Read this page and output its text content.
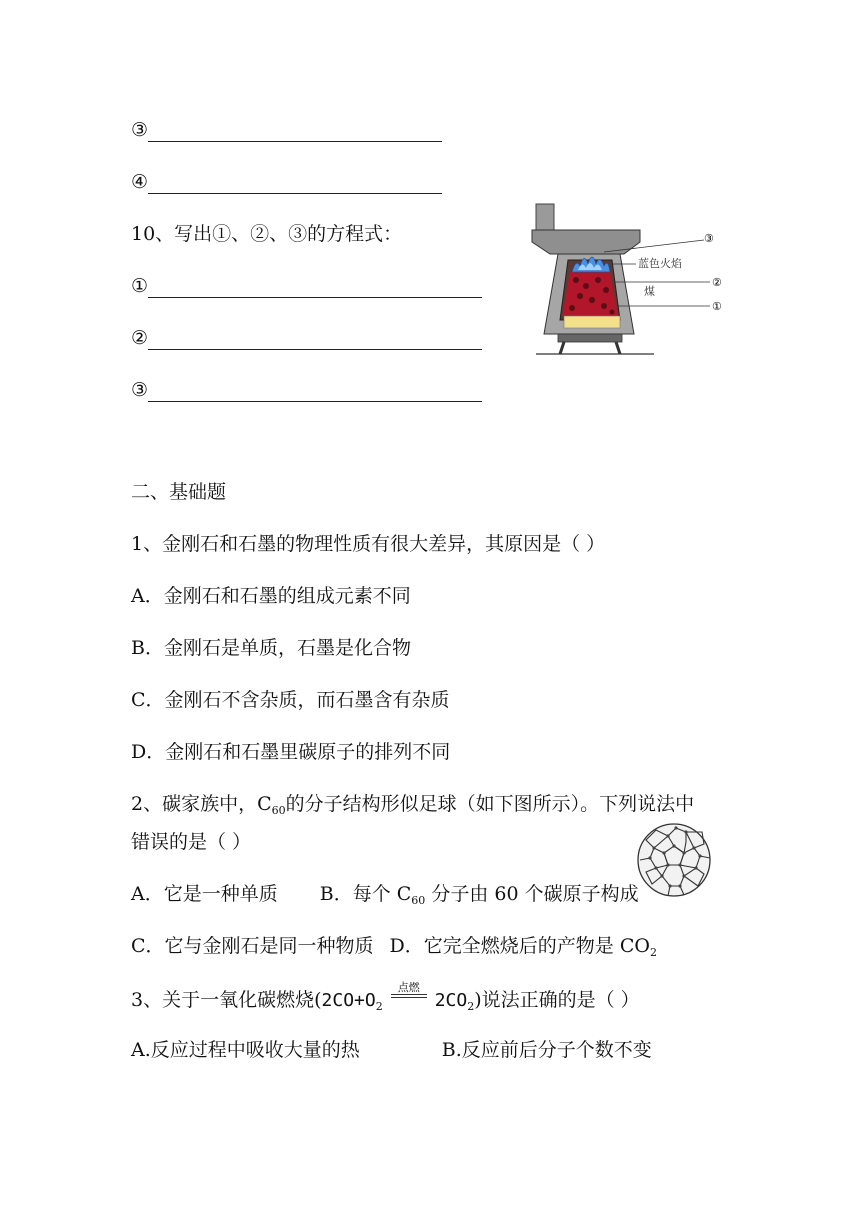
③
④
10、写出①、②、③的方程式：
①
②
③
③
蓝色火焰
②
煤
①
二、基础题
1、金刚石和石墨的物理性质有很大差异，其原因是（ ）
A．金刚石和石墨的组成元素不同
B．金刚石是单质，石墨是化合物
C．金刚石不含杂质，而石墨含有杂质
D．金刚石和石墨里碳原子的排列不同
2、碳家族中，$C_{60}$的分子结构形似足球（如下图所示）。下列说法中
错误的是（ ）
A．它是一种单质 B．每个 $C_{60}$ 分子由 60 个碳原子构成
C．它与金刚石是同一种物质 D．它完全燃烧后的产物是 $CO_2$
3、关于一氧化碳燃烧($2CO+O_2$
点燃
$2CO_2$)说法正确的是（ ）
A.反应过程中吸收大量的热	B.反应前后分子个数不变
